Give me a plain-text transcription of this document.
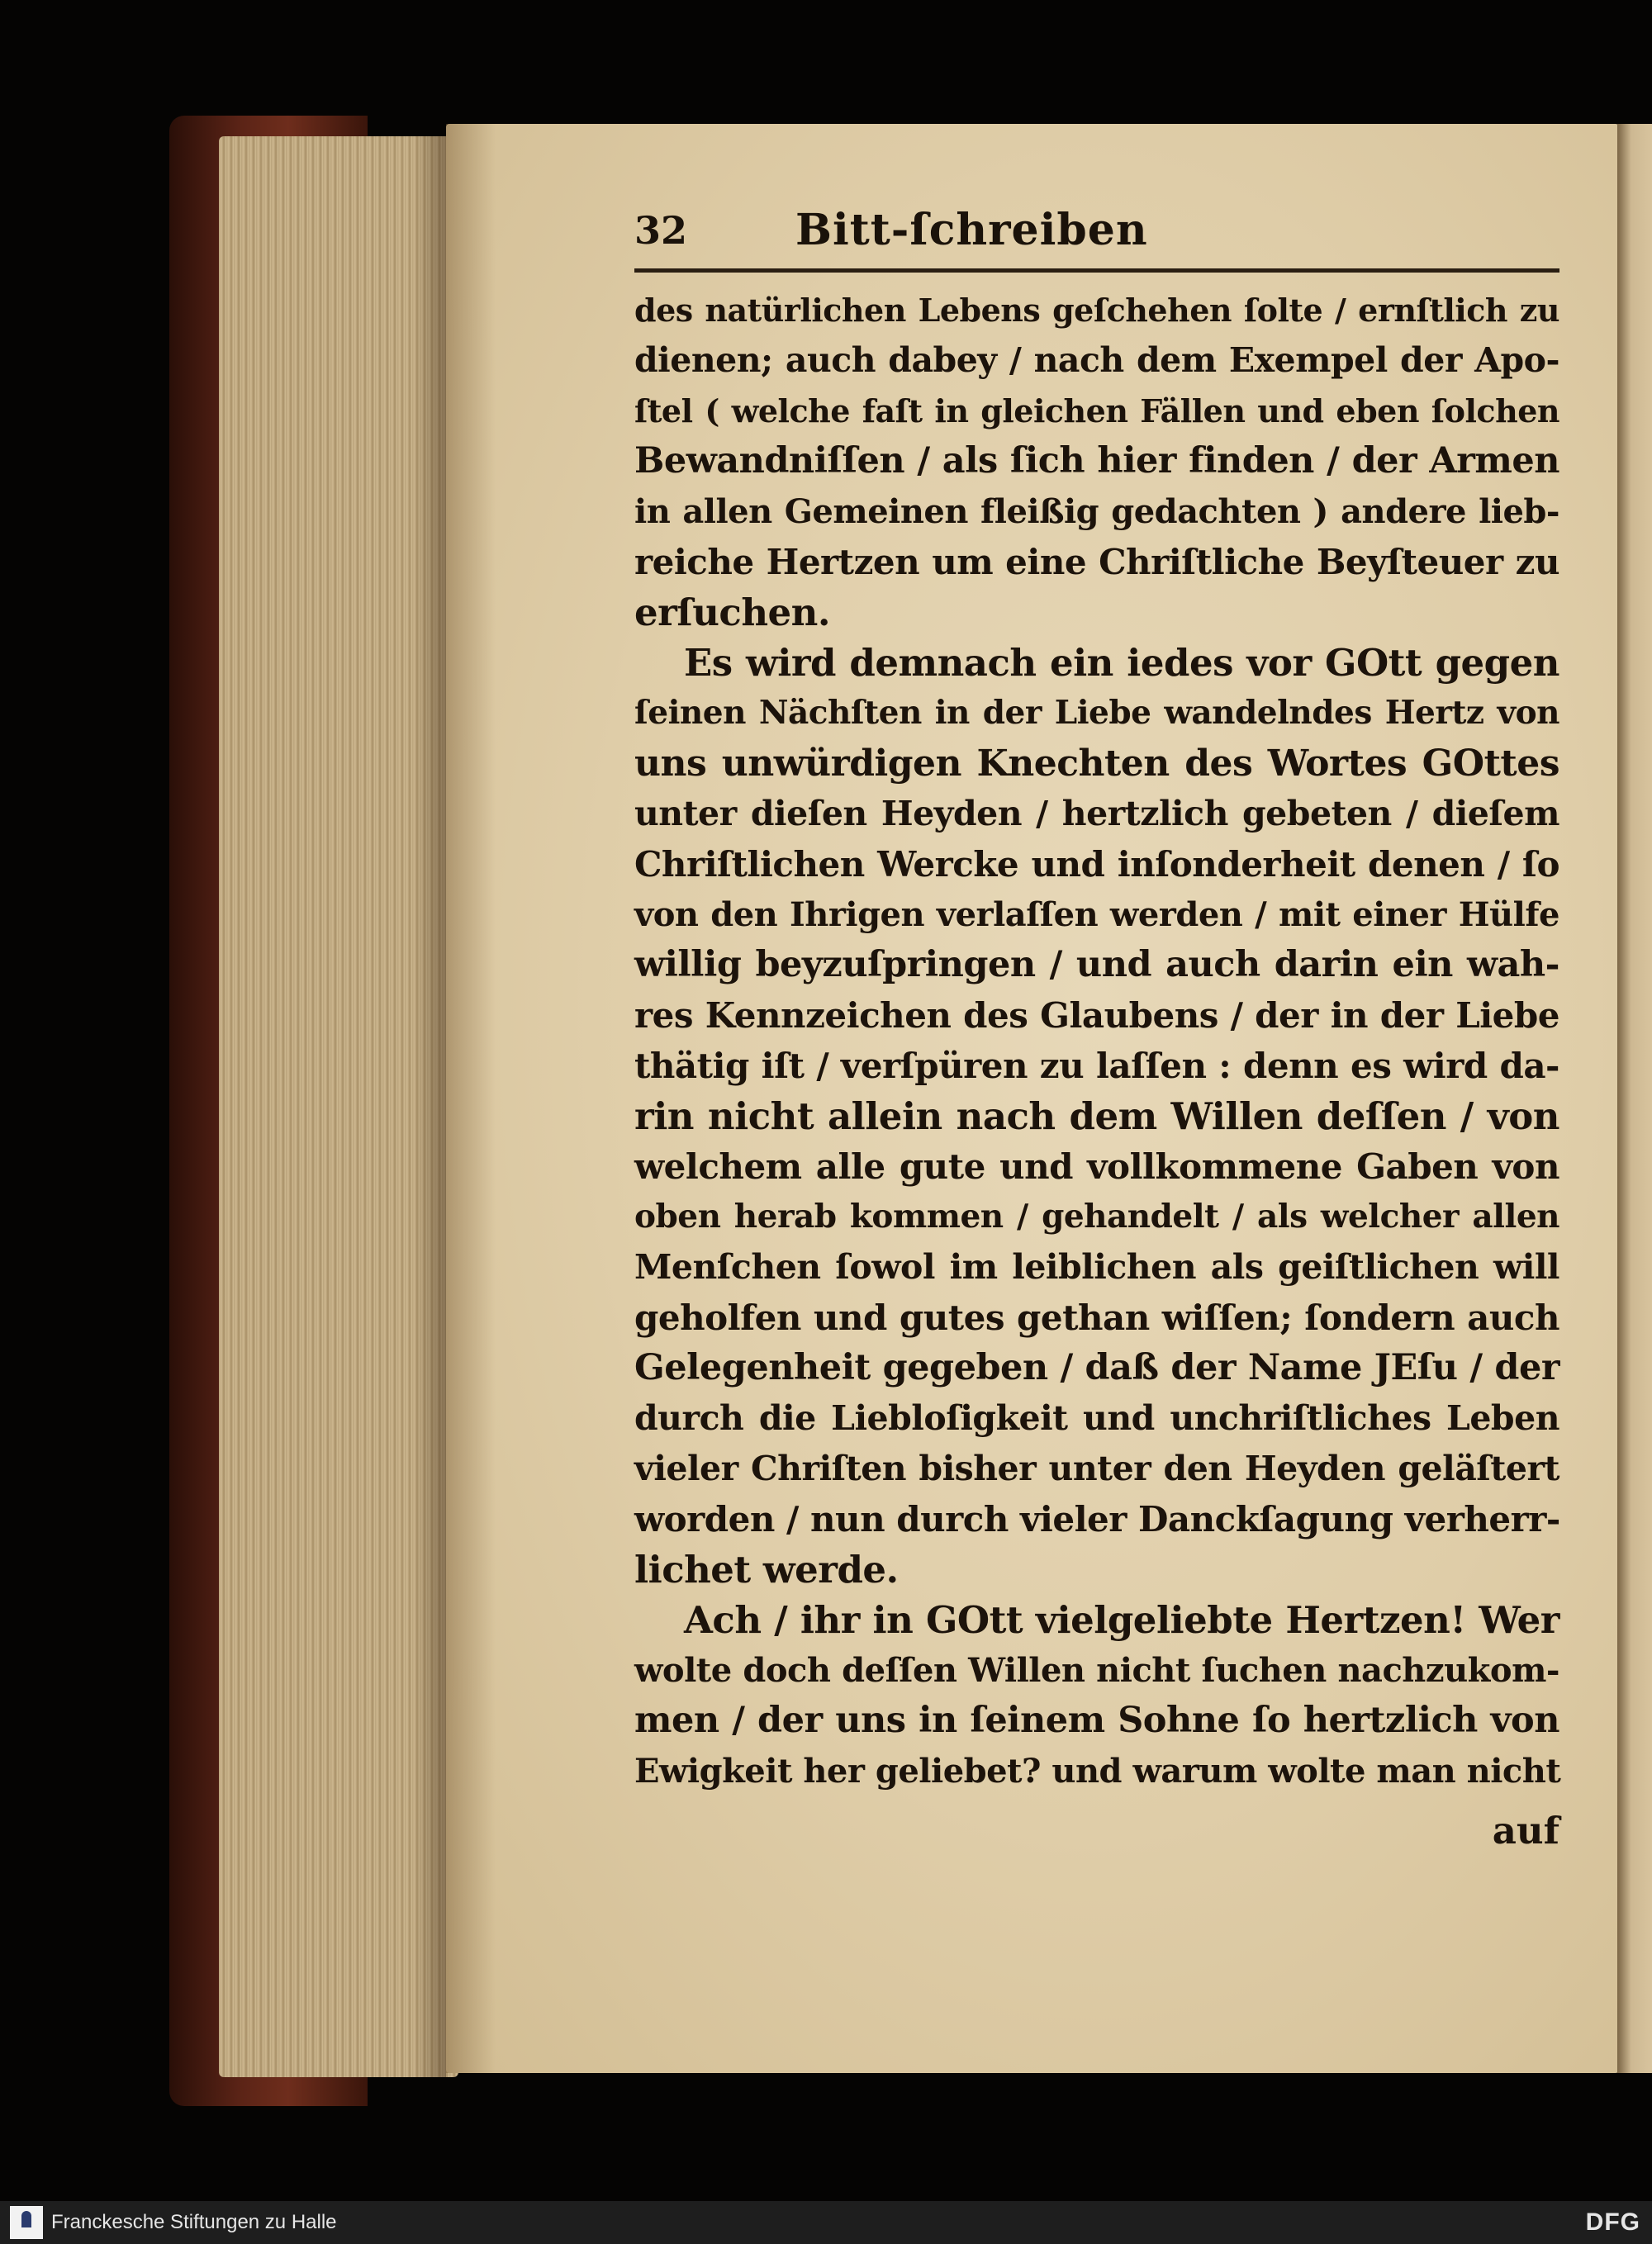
32	Bitt-ſchreiben
des natürlichen Lebens geſchehen ſolte / ernſtlich zu
dienen; auch dabey / nach dem Exempel der Apo-
ſtel ( welche faſt in gleichen Fällen und eben ſolchen
Bewandniſſen / als ſich hier finden / der Armen
in allen Gemeinen fleißig gedachten ) andere lieb-
reiche Hertzen um eine Chriſtliche Beyſteuer zu
erſuchen.
Es wird demnach ein iedes vor GOtt gegen
ſeinen Nächſten in der Liebe wandelndes Hertz von
uns unwürdigen Knechten des Wortes GOttes
unter dieſen Heyden / hertzlich gebeten / dieſem
Chriſtlichen Wercke und inſonderheit denen / ſo
von den Ihrigen verlaſſen werden / mit einer Hülfe
willig beyzuſpringen / und auch darin ein wah-
res Kennzeichen des Glaubens / der in der Liebe
thätig iſt / verſpüren zu laſſen : denn es wird da-
rin nicht allein nach dem Willen deſſen / von
welchem alle gute und vollkommene Gaben von
oben herab kommen / gehandelt / als welcher allen
Menſchen ſowol im leiblichen als geiſtlichen will
geholfen und gutes gethan wiſſen; ſondern auch
Gelegenheit gegeben / daß der Name JEſu / der
durch die Liebloſigkeit und unchriſtliches Leben
vieler Chriſten bisher unter den Heyden geläſtert
worden / nun durch vieler Danckſagung verherr-
lichet werde.
Ach / ihr in GOtt vielgeliebte Hertzen! Wer
wolte doch deſſen Willen nicht ſuchen nachzukom-
men / der uns in ſeinem Sohne ſo hertzlich von
Ewigkeit her geliebet? und warum wolte man nicht
auf
Franckesche Stiftungen zu Halle	DFG
